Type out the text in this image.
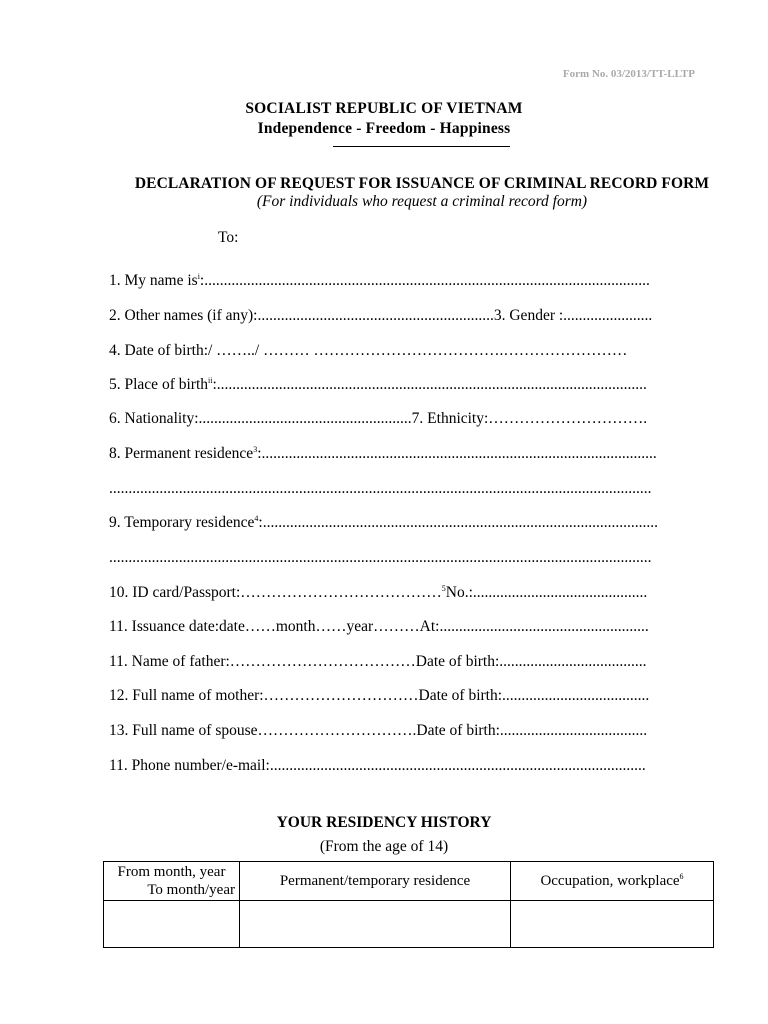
Form No. 03/2013/TT-LLTP
SOCIALIST REPUBLIC OF VIETNAM
Independence - Freedom - Happiness
DECLARATION OF REQUEST FOR ISSUANCE OF CRIMINAL RECORD FORM
(For individuals who request a criminal record form)
To:
1. My name $is^i$:...................................................................................................................
2. Other names (if any):.............................................................3. Gender :.......................
4. Date of birth:/ ……../ ……… ……………………………….……………………
5. Place of birth$^{ii}$:...............................................................................................................
6. Nationality:.......................................................7. Ethnicity:………………………….
8. Permanent residence$^3$:......................................................................................................
............................................................................................................................................
9. Temporary residence$^4$:......................................................................................................
............................................................................................................................................
10. ID card/Passport:…………………………………$^5$No.:.............................................
11. Issuance date:date……month……year………At:......................................................
11. Name of father:………………………………Date of birth:......................................
12. Full name of mother:…………………………Date of birth:......................................
13. Full name of spouse………………………….Date of birth:......................................
11. Phone number/e-mail:.................................................................................................
YOUR RESIDENCY HISTORY
(From the age of 14)
From month, year
To month/year	Permanent/temporary residence	Occupation, workplace$^6$
